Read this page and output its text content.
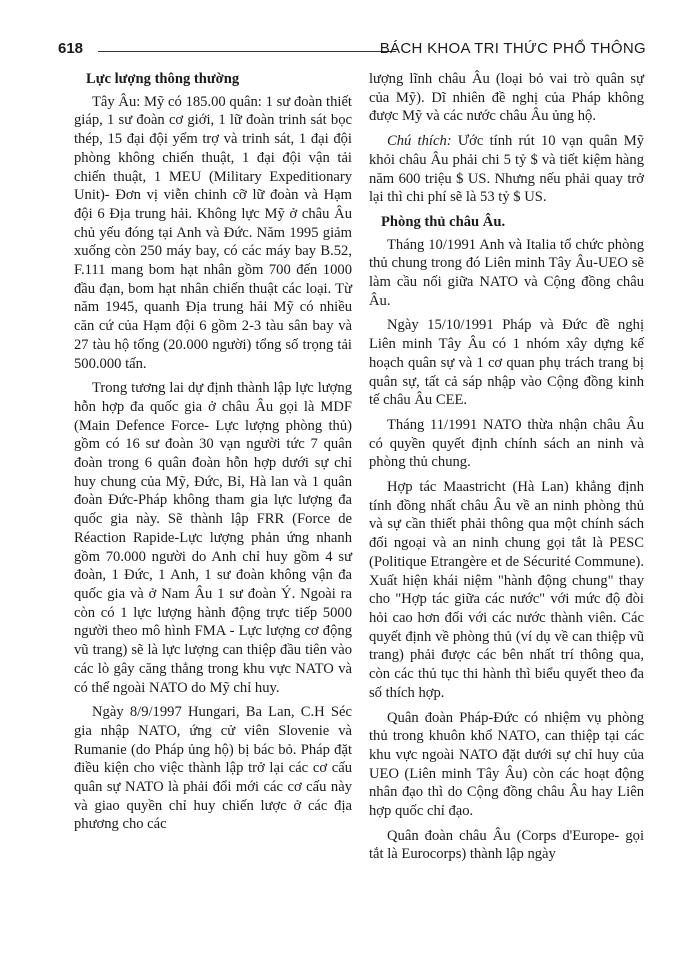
618	BÁCH KHOA TRI THỨC PHỔ THÔNG

Lực lượng thông thường

Tây Âu: Mỹ có 185.00 quân: 1 sư đoàn thiết giáp, 1 sư đoàn cơ giới, 1 lữ đoàn trinh sát bọc thép, 15 đại đội yểm trợ và trinh sát, 1 đại đội phòng không chiến thuật, 1 đại đội vận tải chiến thuật, 1 MEU (Military Expeditionary Unit)- Đơn vị viễn chinh cỡ lữ đoàn và Hạm đội 6 Địa trung hải. Không lực Mỹ ở châu Âu chủ yếu đóng tại Anh và Đức. Năm 1995 giảm xuống còn 250 máy bay, có các máy bay B.52, F.111 mang bom hạt nhân gồm 700 đến 1000 đầu đạn, bom hạt nhân chiến thuật các loại. Từ năm 1945, quanh Địa trung hải Mỹ có nhiều căn cứ của Hạm đội 6 gồm 2-3 tàu sân bay và 27 tàu hộ tống (20.000 người) tổng số trọng tải 500.000 tấn.

Trong tương lai dự định thành lập lực lượng hỗn hợp đa quốc gia ở châu Âu gọi là MDF (Main Defence Force- Lực lượng phòng thủ) gồm có 16 sư đoàn 30 vạn người tức 7 quân đoàn trong 6 quân đoàn hỗn hợp dưới sự chỉ huy chung của Mỹ, Đức, Bỉ, Hà lan và 1 quân đoàn Đức-Pháp không tham gia lực lượng đa quốc gia này. Sẽ thành lập FRR (Force de Réaction Rapide-Lực lượng phản ứng nhanh gồm 70.000 người do Anh chỉ huy gồm 4 sư đoàn, 1 Đức, 1 Anh, 1 sư đoàn không vận đa quốc gia và ở Nam Âu 1 sư đoàn Ý. Ngoài ra còn có 1 lực lượng hành động trực tiếp 5000 người theo mô hình FMA - Lực lượng cơ động vũ trang) sẽ là lực lượng can thiệp đầu tiên vào các lò gây căng thẳng trong khu vực NATO và có thể ngoài NATO do Mỹ chỉ huy.

Ngày 8/9/1997 Hungari, Ba Lan, C.H Séc gia nhập NATO, ứng cử viên Slovenie và Rumanie (do Pháp ủng hộ) bị bác bỏ. Pháp đặt điều kiện cho việc thành lập trở lại các cơ cấu quân sự NATO là phải đổi mới các cơ cấu này và giao quyền chỉ huy chiến lược ở các địa phương cho các

lượng lĩnh châu Âu (loại bỏ vai trò quân sự của Mỹ). Dĩ nhiên đề nghị của Pháp không được Mỹ và các nước châu Âu ủng hộ.

Chú thích: Ước tính rút 10 vạn quân Mỹ khỏi châu Âu phải chi 5 tỷ $ và tiết kiệm hàng năm 600 triệu $ US. Nhưng nếu phải quay trở lại thì chi phí sẽ là 53 tỷ $ US.

Phòng thủ châu Âu.

Tháng 10/1991 Anh và Italia tổ chức phòng thủ chung trong đó Liên minh Tây Âu-UEO sẽ làm cầu nối giữa NATO và Cộng đồng châu Âu.

Ngày 15/10/1991 Pháp và Đức đề nghị Liên minh Tây Âu có 1 nhóm xây dựng kế hoạch quân sự và 1 cơ quan phụ trách trang bị quân sự, tất cả sáp nhập vào Cộng đồng kinh tế châu Âu CEE.

Tháng 11/1991 NATO thừa nhận châu Âu có quyền quyết định chính sách an ninh và phòng thủ chung.

Hợp tác Maastricht (Hà Lan) khẳng định tính đồng nhất châu Âu về an ninh phòng thủ và sự cần thiết phải thông qua một chính sách đối ngoại và an ninh chung gọi tắt là PESC (Politique Etrangère et de Sécurité Commune). Xuất hiện khái niệm "hành động chung" thay cho "Hợp tác giữa các nước" với mức độ đòi hỏi cao hơn đối với các nước thành viên. Các quyết định về phòng thủ (ví dụ về can thiệp vũ trang) phải được các bên nhất trí thông qua, còn các thủ tục thi hành thì biểu quyết theo đa số thích hợp.

Quân đoàn Pháp-Đức có nhiệm vụ phòng thủ trong khuôn khổ NATO, can thiệp tại các khu vực ngoài NATO đặt dưới sự chỉ huy của UEO (Liên minh Tây Âu) còn các hoạt động nhân đạo thì do Cộng đồng châu Âu hay Liên hợp quốc chỉ đạo.

Quân đoàn châu Âu (Corps d'Europe- gọi tắt là Eurocorps) thành lập ngày
